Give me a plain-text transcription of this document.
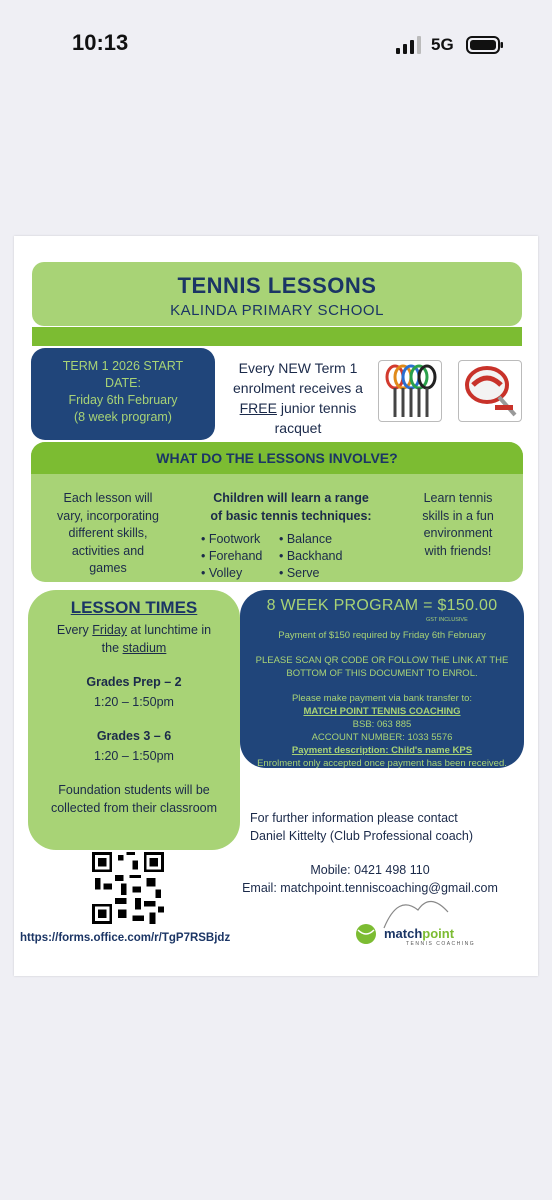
10:13	5G
TENNIS LESSONS
KALINDA PRIMARY SCHOOL
TERM 1 2026 START
DATE:
Friday 6th February
(8 week program)
Every NEW Term 1
enrolment receives a
FREE junior tennis
racquet
WHAT DO THE LESSONS INVOLVE?
Each lesson will
vary, incorporating
different skills,
activities and
games
Children will learn a range
of basic tennis techniques:
• Footwork • Balance
• Forehand • Backhand
• Volley	• Serve
Learn tennis
skills in a fun
environment
with friends!
LESSON TIMES
Every Friday at lunchtime in
the stadium
Grades Prep – 2
1:20 – 1:50pm
Grades 3 – 6
1:20 – 1:50pm
Foundation students will be
collected from their classroom
8 WEEK PROGRAM = $150.00
GST INCLUSIVE
Payment of $150 required by Friday 6th February
PLEASE SCAN QR CODE OR FOLLOW THE LINK AT THE
BOTTOM OF THIS DOCUMENT TO ENROL.
Please make payment via bank transfer to:
MATCH POINT TENNIS COACHING
BSB: 063 885
ACCOUNT NUMBER: 1033 5576
Payment description: Child's name KPS
Enrolment only accepted once payment has been received.
For further information please contact
Daniel Kittelty (Club Professional coach)
Mobile: 0421 498 110
Email: matchpoint.tenniscoaching@gmail.com
https://forms.office.com/r/TgP7RSBjdz	matchpoint
TENNIS COACHING
